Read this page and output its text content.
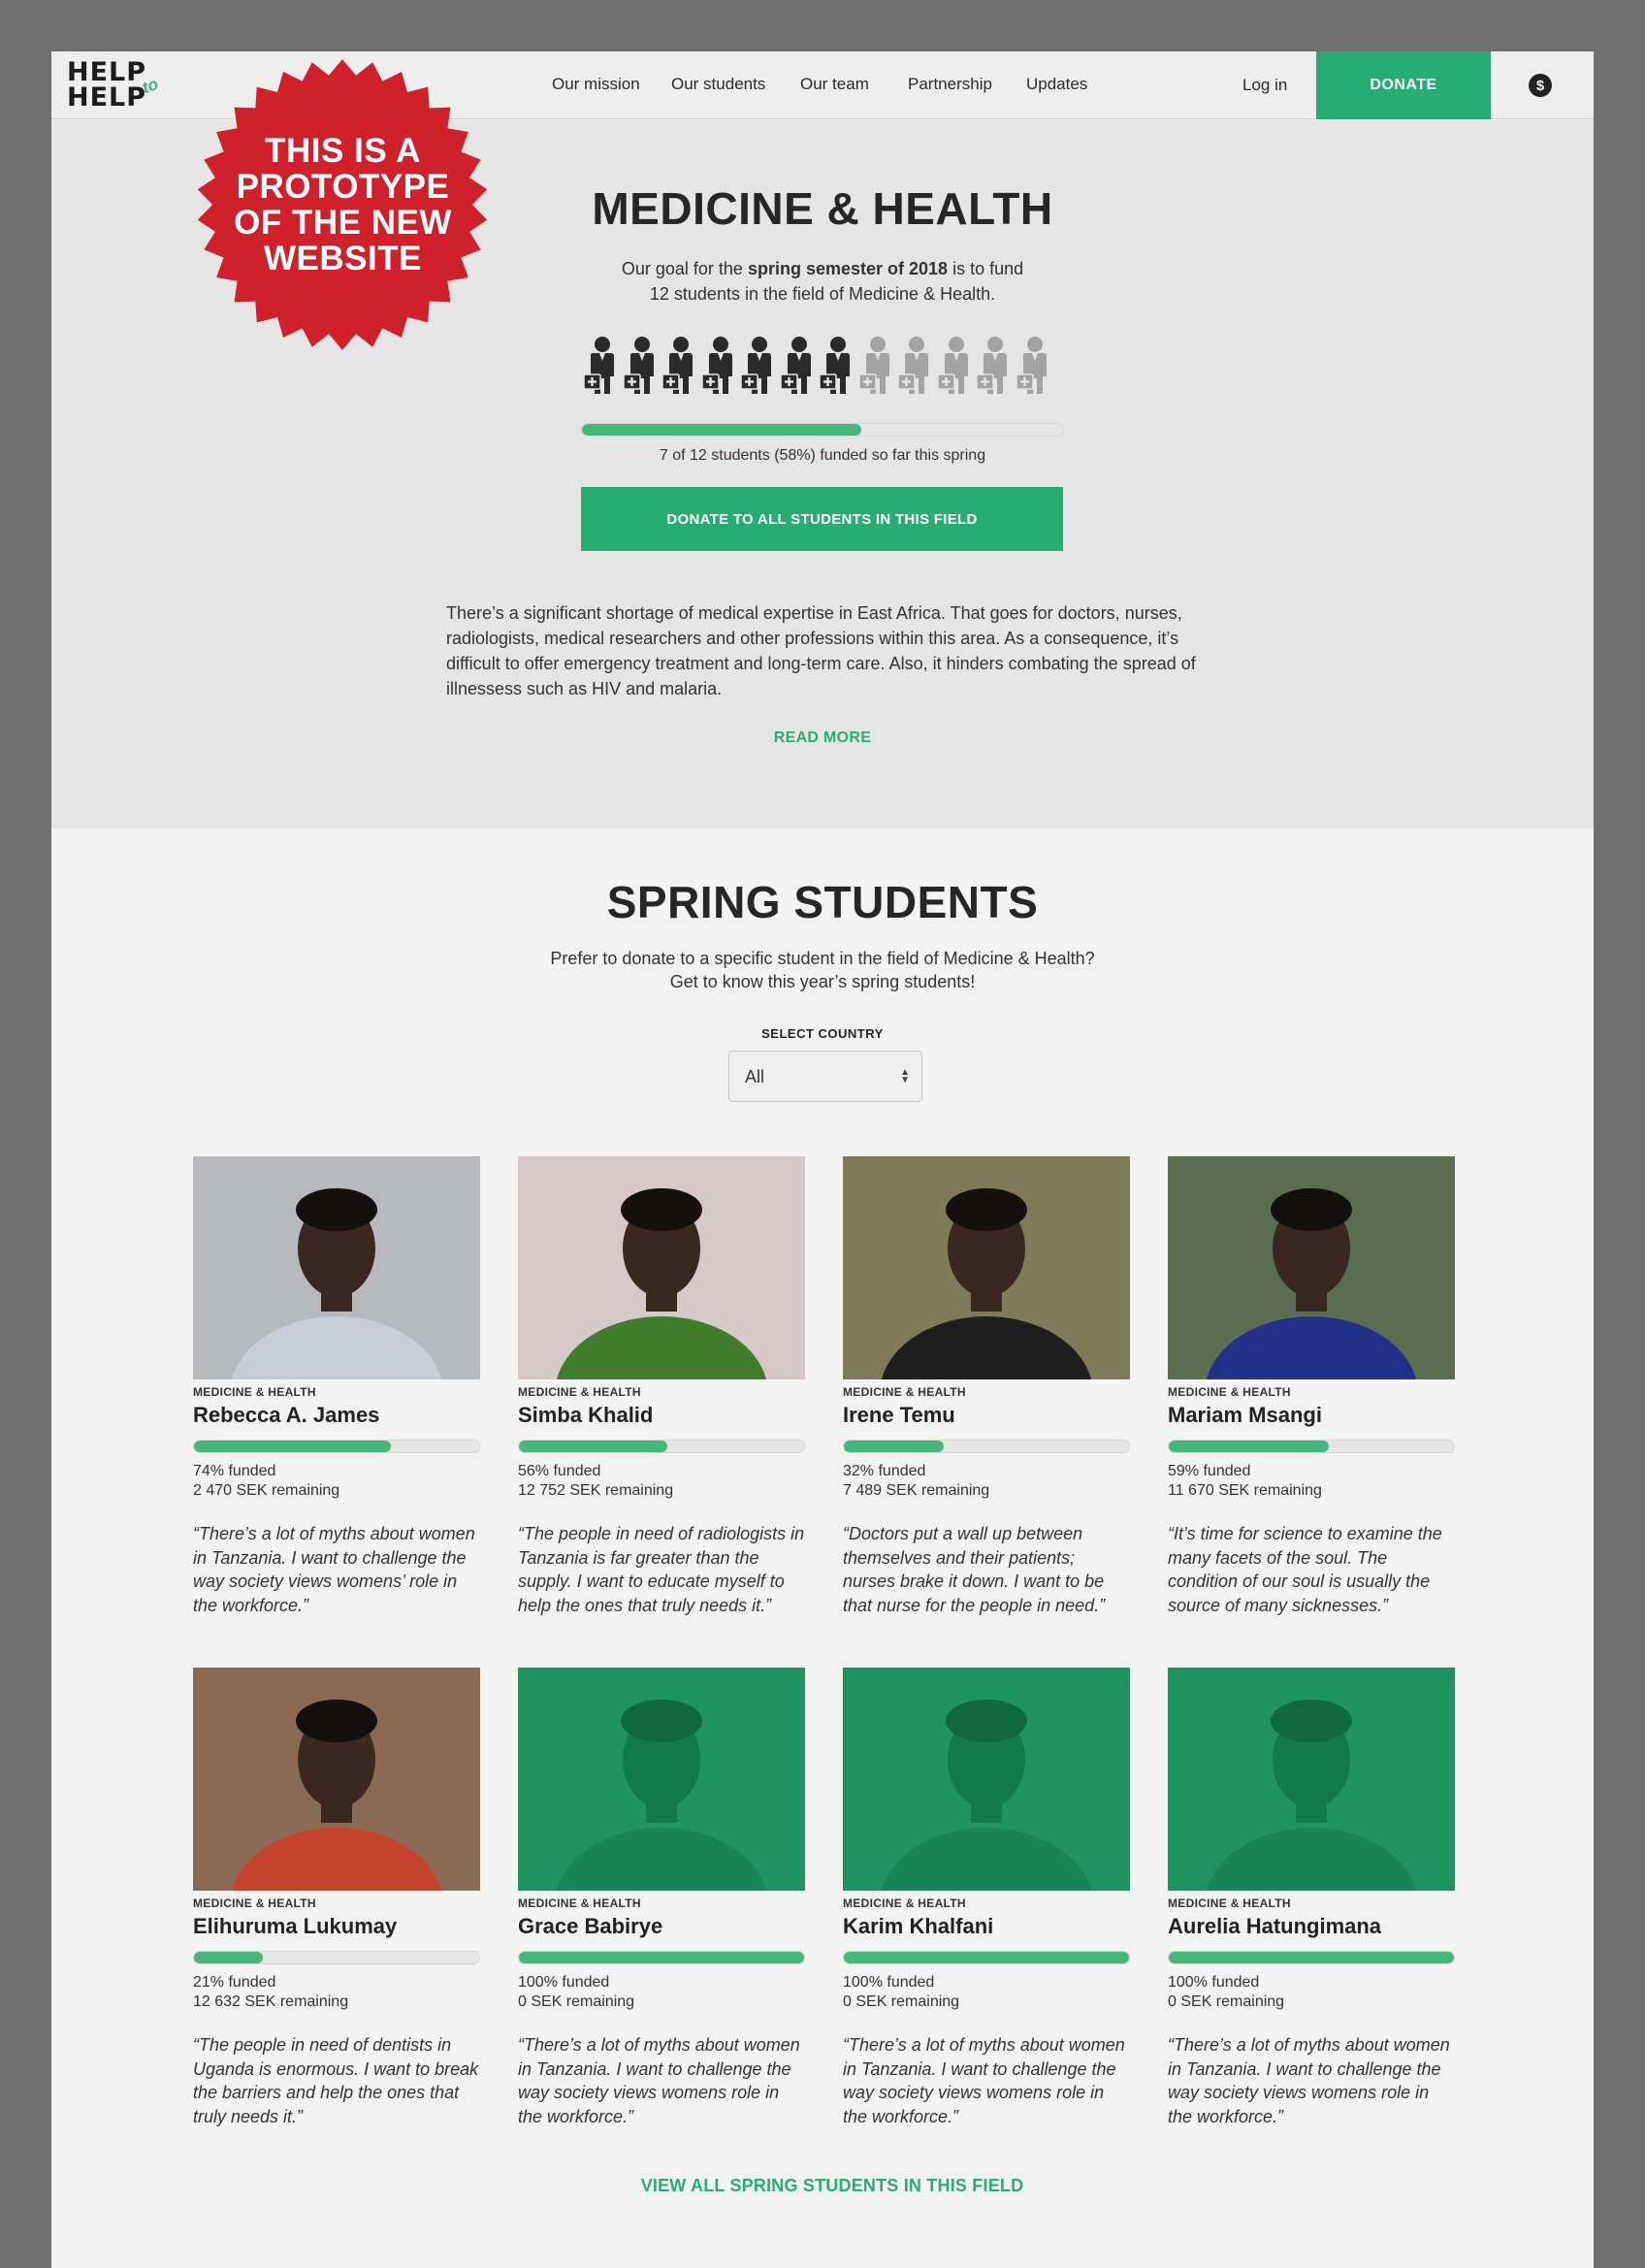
HELP
HELP
to	Our mission Our students Our team Partnership Updates	Log in	DONATE	$
THIS IS A
PROTOTYPE
OF THE NEW
WEBSITE
MEDICINE & HEALTH
Our goal for the spring semester of 2018 is to fund
12 students in the field of Medicine & Health.
7 of 12 students (58%) funded so far this spring
DONATE TO ALL STUDENTS IN THIS FIELD
There’s a significant shortage of medical expertise in East Africa. That goes for doctors, nurses, radiologists, medical researchers and other professions within this area. As a consequence, it’s difficult to offer emergency treatment and long-term care. Also, it hinders combating the spread of illnessess such as HIV and malaria.
READ MORE
SPRING STUDENTS
Prefer to donate to a specific student in the field of Medicine & Health?
Get to know this year’s spring students!
SELECT COUNTRY
All	▲
▼
MEDICINE & HEALTH
Rebecca A. James
74% funded
2 470 SEK remaining
“There’s a lot of myths about women in Tanzania. I want to challenge the way society views womens’ role in the workforce.”
MEDICINE & HEALTH
Simba Khalid
56% funded
12 752 SEK remaining
“The people in need of radiologists in Tanzania is far greater than the supply. I want to educate myself to help the ones that truly needs it.”
MEDICINE & HEALTH
Irene Temu
32% funded
7 489 SEK remaining
“Doctors put a wall up between themselves and their patients; nurses brake it down. I want to be that nurse for the people in need.”
MEDICINE & HEALTH
Mariam Msangi
59% funded
11 670 SEK remaining
“It’s time for science to examine the many facets of the soul. The condition of our soul is usually the source of many sicknesses.”
MEDICINE & HEALTH
Elihuruma Lukumay
21% funded
12 632 SEK remaining
“The people in need of dentists in Uganda is enormous. I want to break the barriers and help the ones that truly needs it.”
MEDICINE & HEALTH
Grace Babirye
100% funded
0 SEK remaining
“There’s a lot of myths about women in Tanzania. I want to challenge the way society views womens role in the workforce.”
MEDICINE & HEALTH
Karim Khalfani
100% funded
0 SEK remaining
“There’s a lot of myths about women in Tanzania. I want to challenge the way society views womens role in the workforce.”
MEDICINE & HEALTH
Aurelia Hatungimana
100% funded
0 SEK remaining
“There’s a lot of myths about women in Tanzania. I want to challenge the way society views womens role in the workforce.”
VIEW ALL SPRING STUDENTS IN THIS FIELD
